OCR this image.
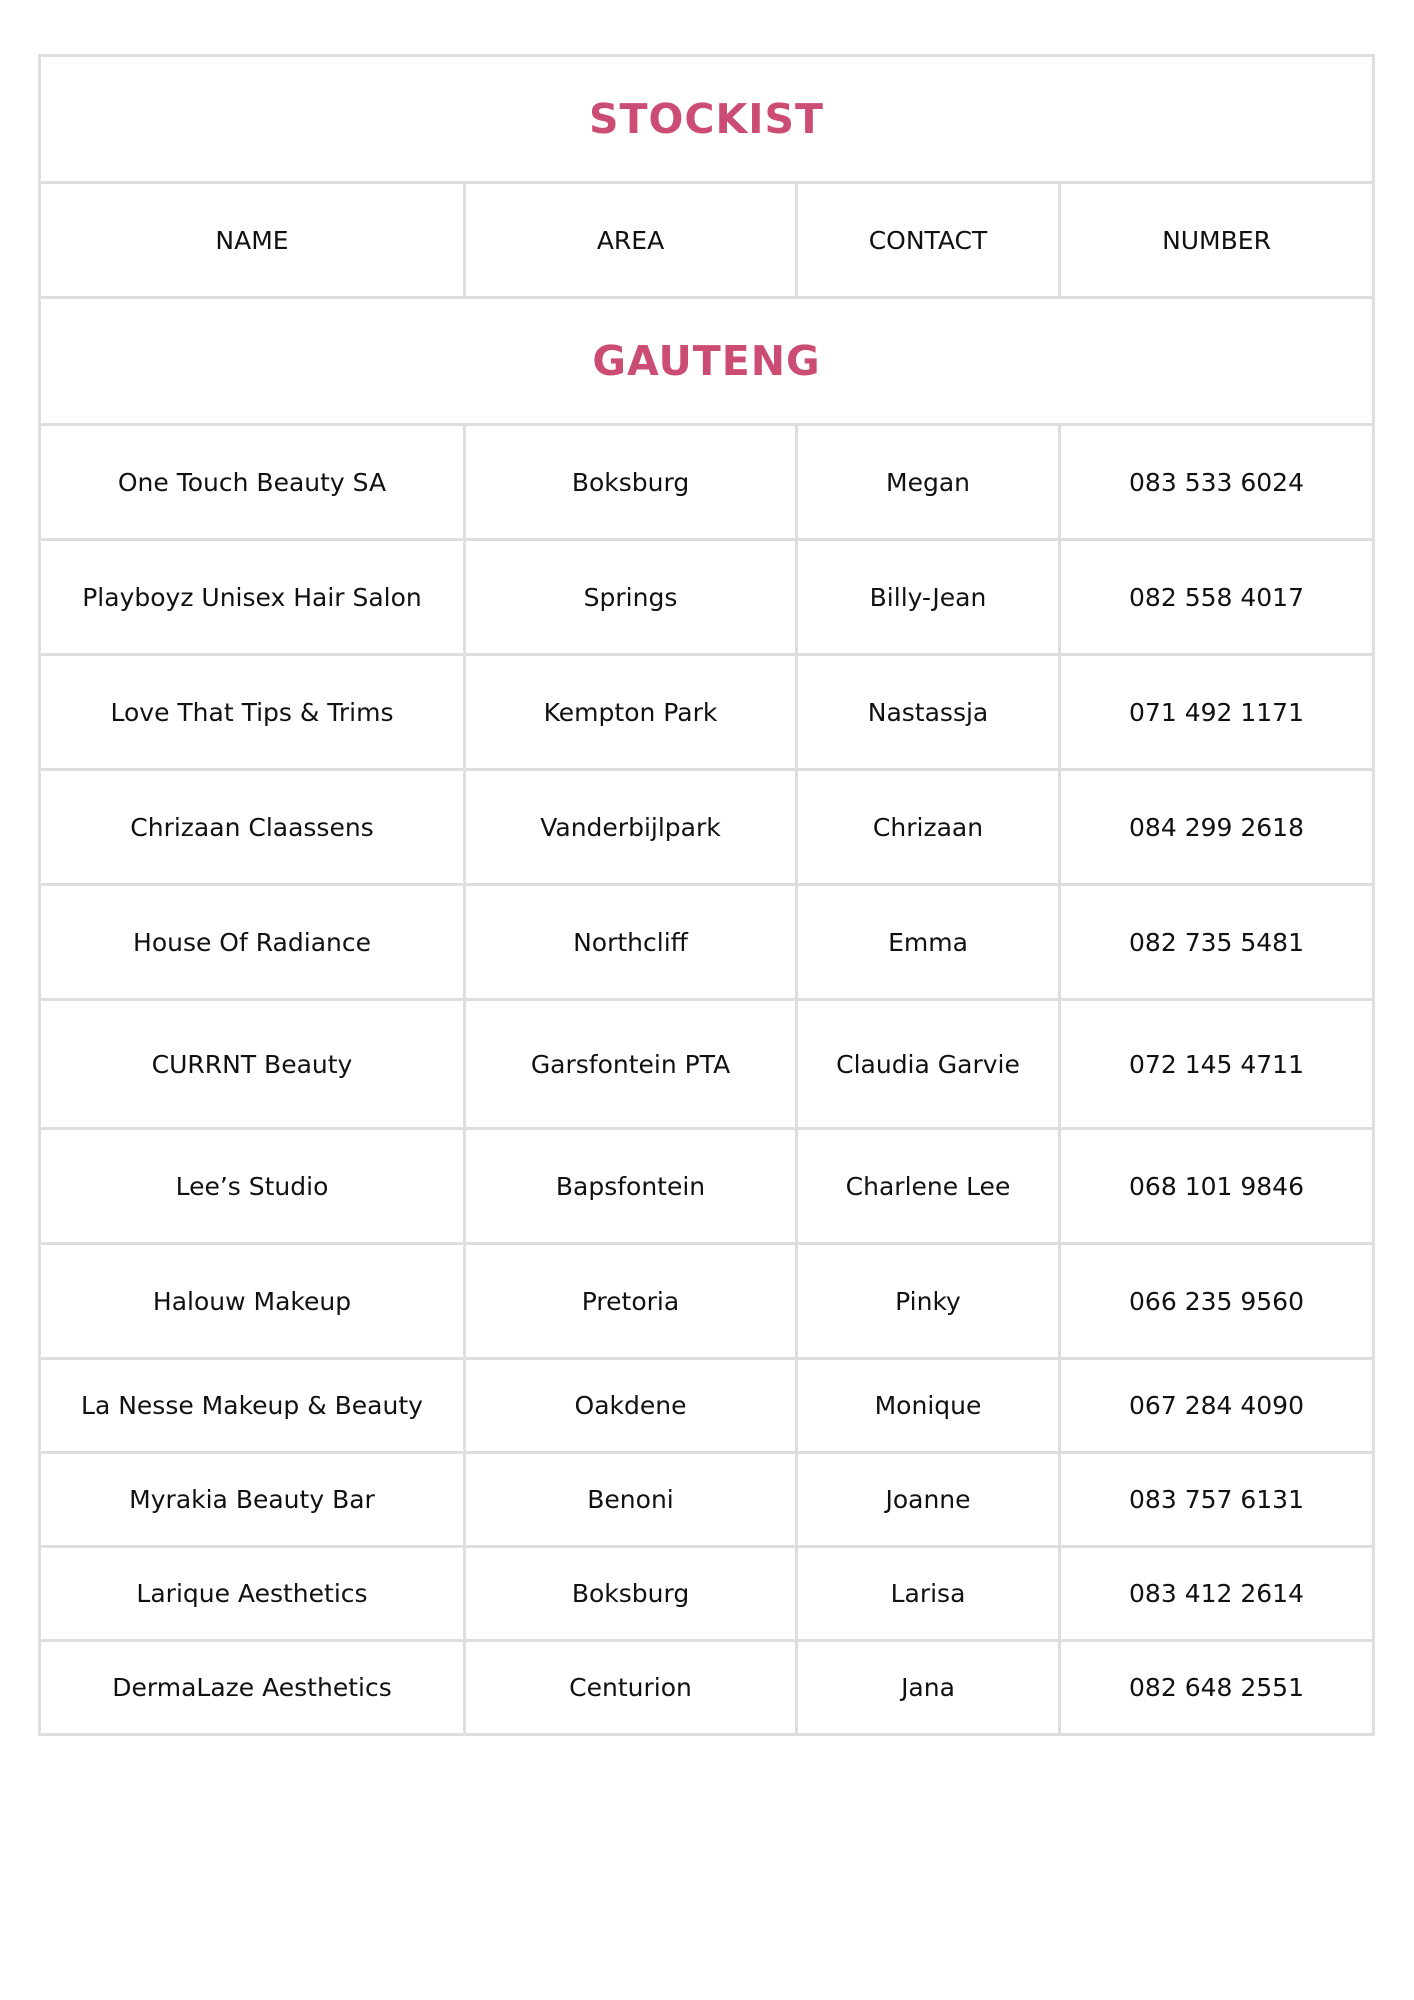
STOCKIST			
NAME	AREA	CONTACT	NUMBER
GAUTENG			
One Touch Beauty SA	Boksburg	Megan	083 533 6024
Playboyz Unisex Hair Salon	Springs	Billy-Jean	082 558 4017
Love That Tips & Trims	Kempton Park	Nastassja	071 492 1171
Chrizaan Claassens	Vanderbijlpark	Chrizaan	084 299 2618
House Of Radiance	Northcliff	Emma	082 735 5481
CURRNT Beauty	Garsfontein PTA	Claudia Garvie	072 145 4711
Lee’s Studio	Bapsfontein	Charlene Lee	068 101 9846
Halouw Makeup	Pretoria	Pinky	066 235 9560
La Nesse Makeup & Beauty	Oakdene	Monique	067 284 4090
Myrakia Beauty Bar	Benoni	Joanne	083 757 6131
Larique Aesthetics	Boksburg	Larisa	083 412 2614
DermaLaze Aesthetics	Centurion	Jana	082 648 2551
